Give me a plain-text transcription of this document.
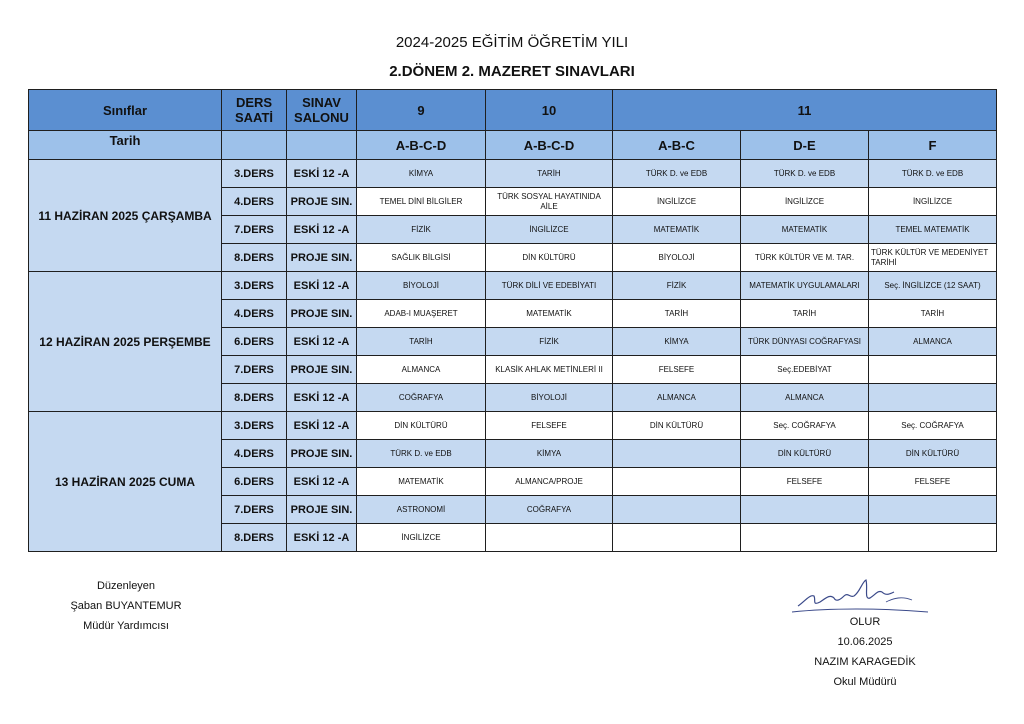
2024-2025 EĞİTİM ÖĞRETİM YILI
2.DÖNEM 2. MAZERET SINAVLARI
Sınıflar	DERS SAATİ	SINAV SALONU	9	10	11		
Tarih			A-B-C-D	A-B-C-D	A-B-C	D-E	F
11 HAZİRAN 2025 ÇARŞAMBA	3.DERS	ESKİ 12 -A	KİMYA	TARİH	TÜRK D. ve EDB	TÜRK D. ve EDB	TÜRK D. ve EDB
	4.DERS	PROJE SIN.	TEMEL DİNİ BİLGİLER	TÜRK SOSYAL HAYATINIDA AİLE	İNGİLİZCE	İNGİLİZCE	İNGİLİZCE
	7.DERS	ESKİ 12 -A	FİZİK	İNGİLİZCE	MATEMATİK	MATEMATİK	TEMEL MATEMATİK
	8.DERS	PROJE SIN.	SAĞLIK BİLGİSİ	DİN KÜLTÜRÜ	BİYOLOJİ	TÜRK KÜLTÜR VE M. TAR.	TÜRK KÜLTÜR VE MEDENİYET TARİHİ
12 HAZİRAN 2025 PERŞEMBE	3.DERS	ESKİ 12 -A	BİYOLOJİ	TÜRK DİLİ VE EDEBİYATI	FİZİK	MATEMATİK UYGULAMALARI	Seç. İNGİLİZCE (12 SAAT)
	4.DERS	PROJE SIN.	ADAB-I MUAŞERET	MATEMATİK	TARİH	TARİH	TARİH
	6.DERS	ESKİ 12 -A	TARİH	FİZİK	KİMYA	TÜRK DÜNYASI COĞRAFYASI	ALMANCA
	7.DERS	PROJE SIN.	ALMANCA	KLASİK AHLAK METİNLERİ II	FELSEFE	Seç.EDEBİYAT	
	8.DERS	ESKİ 12 -A	COĞRAFYA	BİYOLOJİ	ALMANCA	ALMANCA	
13 HAZİRAN 2025 CUMA	3.DERS	ESKİ 12 -A	DİN KÜLTÜRÜ	FELSEFE	DİN KÜLTÜRÜ	Seç. COĞRAFYA	Seç. COĞRAFYA
	4.DERS	PROJE SIN.	TÜRK D. ve EDB	KİMYA		DİN KÜLTÜRÜ	DİN KÜLTÜRÜ
	6.DERS	ESKİ 12 -A	MATEMATİK	ALMANCA/PROJE		FELSEFE	FELSEFE
	7.DERS	PROJE SIN.	ASTRONOMİ	COĞRAFYA			
	8.DERS	ESKİ 12 -A	İNGİLİZCE				
Düzenleyen
Şaban BUYANTEMUR
Müdür Yardımcısı	OLUR
10.06.2025
NAZIM KARAGEDİK
Okul Müdürü
